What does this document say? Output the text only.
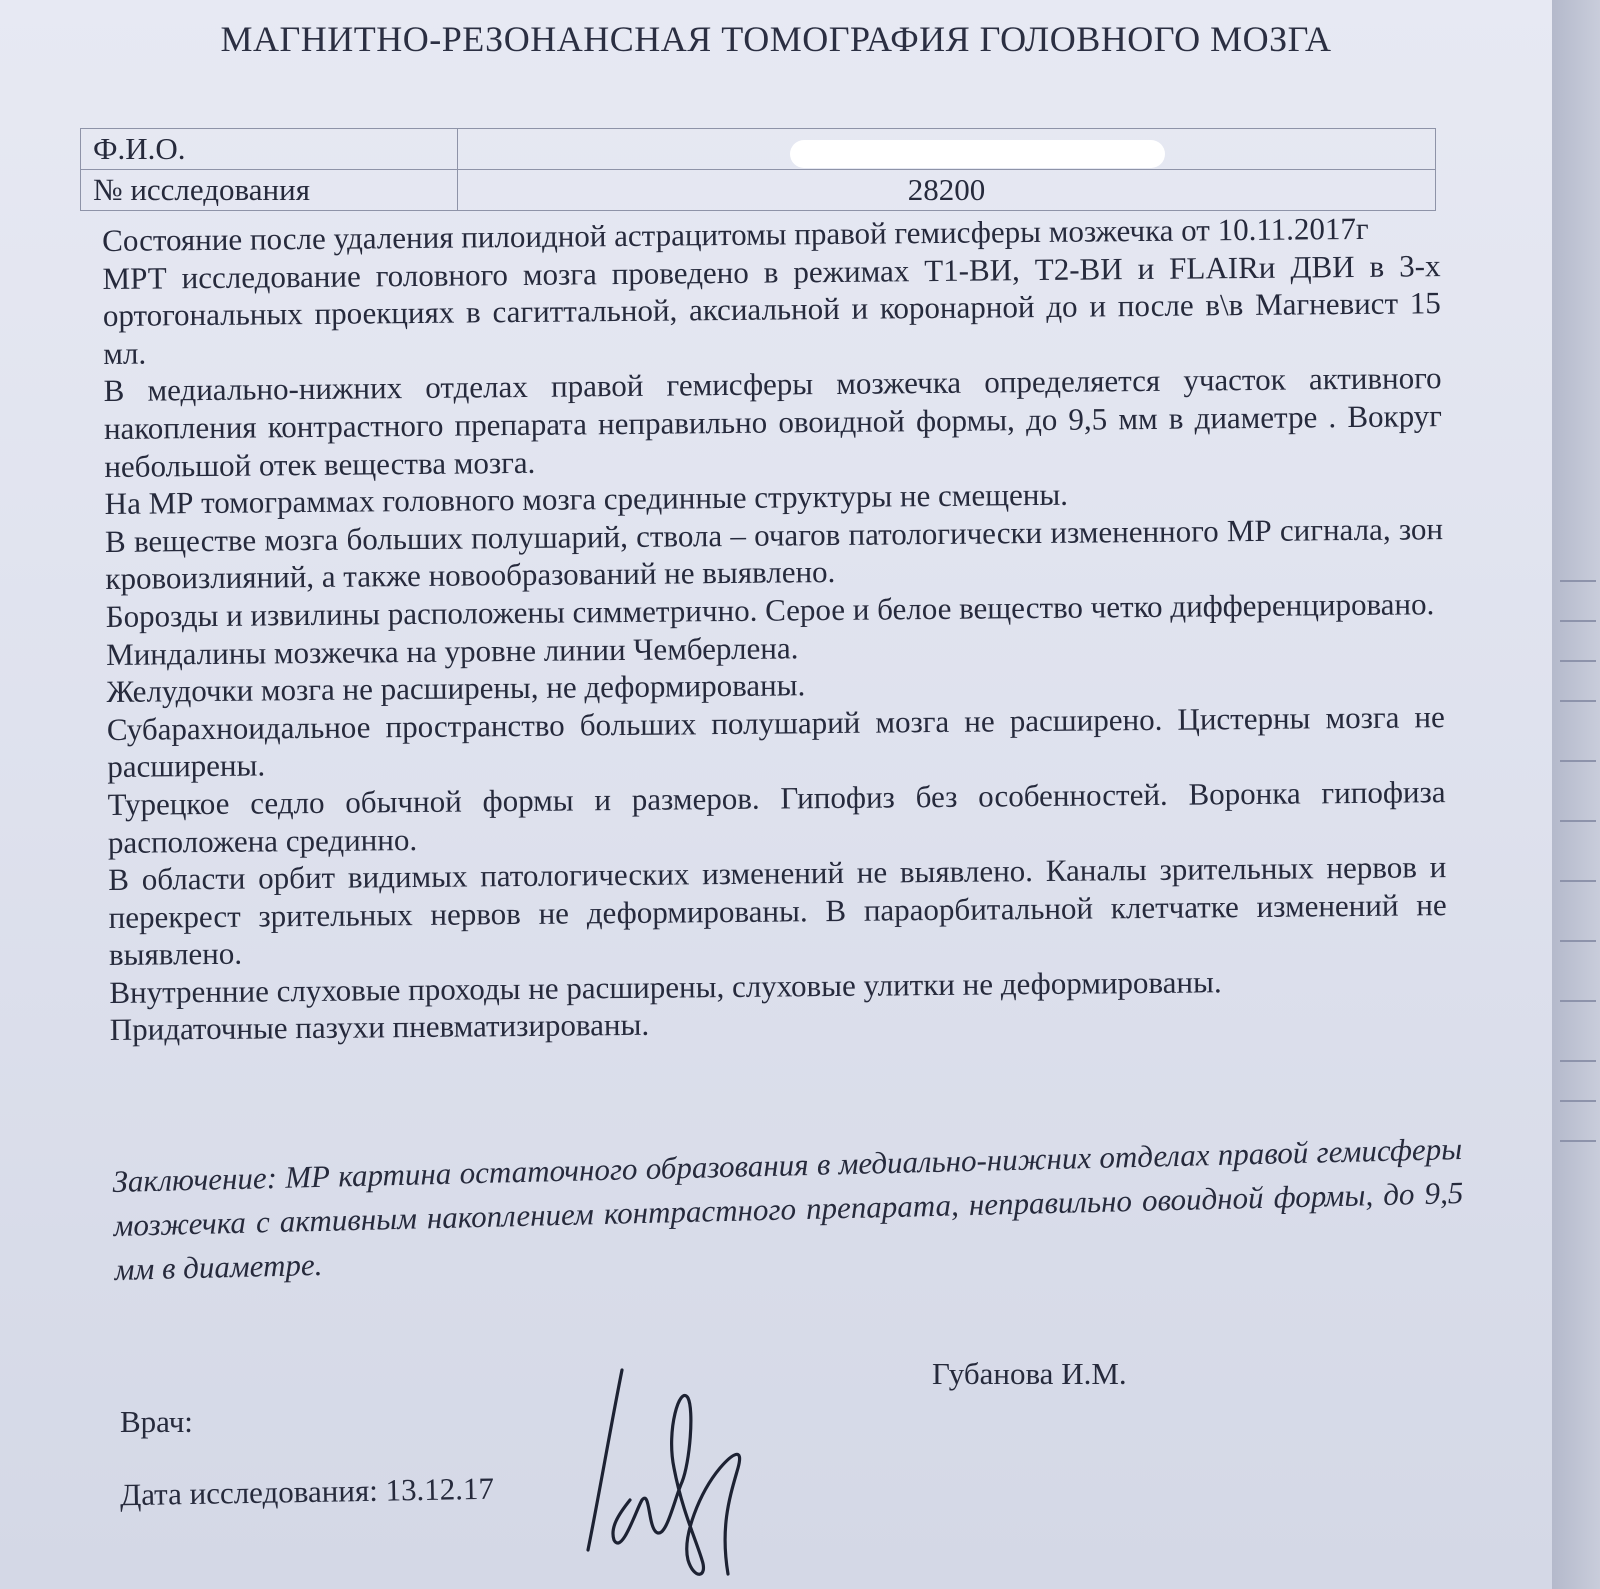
МАГНИТНО-РЕЗОНАНСНАЯ ТОМОГРАФИЯ ГОЛОВНОГО МОЗГА
Ф.И.О.	
№ исследования	28200

Состояние после удаления пилоидной астрацитомы правой гемисферы мозжечка от 10.11.2017г

МРТ исследование головного мозга проведено в режимах Т1-ВИ, Т2-ВИ и FLAIRи ДВИ в 3-х ортогональных проекциях в сагиттальной, аксиальной и коронарной до и после в\в Магневист 15 мл.

В медиально-нижних отделах правой гемисферы мозжечка определяется участок активного накопления контрастного препарата неправильно овоидной формы, до 9,5 мм в диаметре . Вокруг небольшой отек вещества мозга.

На МР томограммах головного мозга срединные структуры не смещены.

В веществе мозга больших полушарий, ствола – очагов патологически измененного МР сигнала, зон кровоизлияний, а также новообразований не выявлено.

Борозды и извилины расположены симметрично. Серое и белое вещество четко дифференцировано.

Миндалины мозжечка на уровне линии Чемберлена.

Желудочки мозга не расширены, не деформированы.

Субарахноидальное пространство больших полушарий мозга не расширено. Цистерны мозга не расширены.

Турецкое седло обычной формы и размеров. Гипофиз без особенностей. Воронка гипофиза расположена срединно.

В области орбит видимых патологических изменений не выявлено. Каналы зрительных нервов и перекрест зрительных нервов не деформированы. В параорбитальной клетчатке изменений не выявлено.

Внутренние слуховые проходы не расширены, слуховые улитки не деформированы.

Придаточные пазухи пневматизированы.

Заключение: МР картина остаточного образования в медиально-нижних отделах правой гемисферы мозжечка с активным накоплением контрастного препарата, неправильно овоидной формы, до 9,5 мм в диаметре.
Губанова И.М.
Врач:
Дата исследования: 13.12.17
